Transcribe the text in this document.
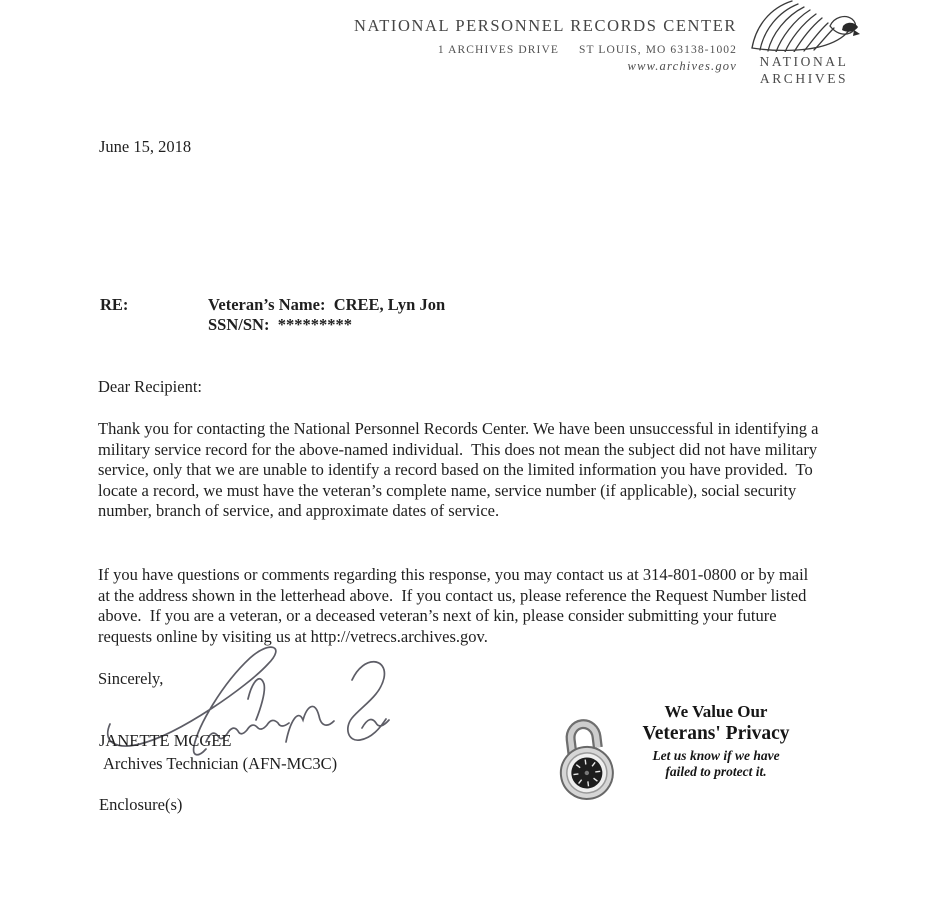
NATIONAL PERSONNEL RECORDS CENTER
1 ARCHIVES DRIVE ST LOUIS, MO 63138-1002
www.archives.gov	NATIONAL
ARCHIVES
June 15, 2018
RE:	Veteran’s Name:  CREE, Lyn Jon
SSN/SN:  *********
Dear Recipient:

Thank you for contacting the National Personnel Records Center. We have been unsuccessful in identifying a military service record for the above-named individual.  This does not mean the subject did not have military service, only that we are unable to identify a record based on the limited information you have provided.  To locate a record, we must have the veteran’s complete name, service number (if applicable), social security number, branch of service, and approximate dates of service.

If you have questions or comments regarding this response, you may contact us at 314-801-0800 or by mail at the address shown in the letterhead above.  If you contact us, please reference the Request Number listed above.  If you are a veteran, or a deceased veteran’s next of kin, please consider submitting your future requests online by visiting us at http://vetrecs.archives.gov.

Sincerely,
JANETTE MCGEE
Archives Technician (AFN-MC3C)
Enclosure(s)
We Value Our
Veterans' Privacy
Let us know if we have
failed to protect it.
